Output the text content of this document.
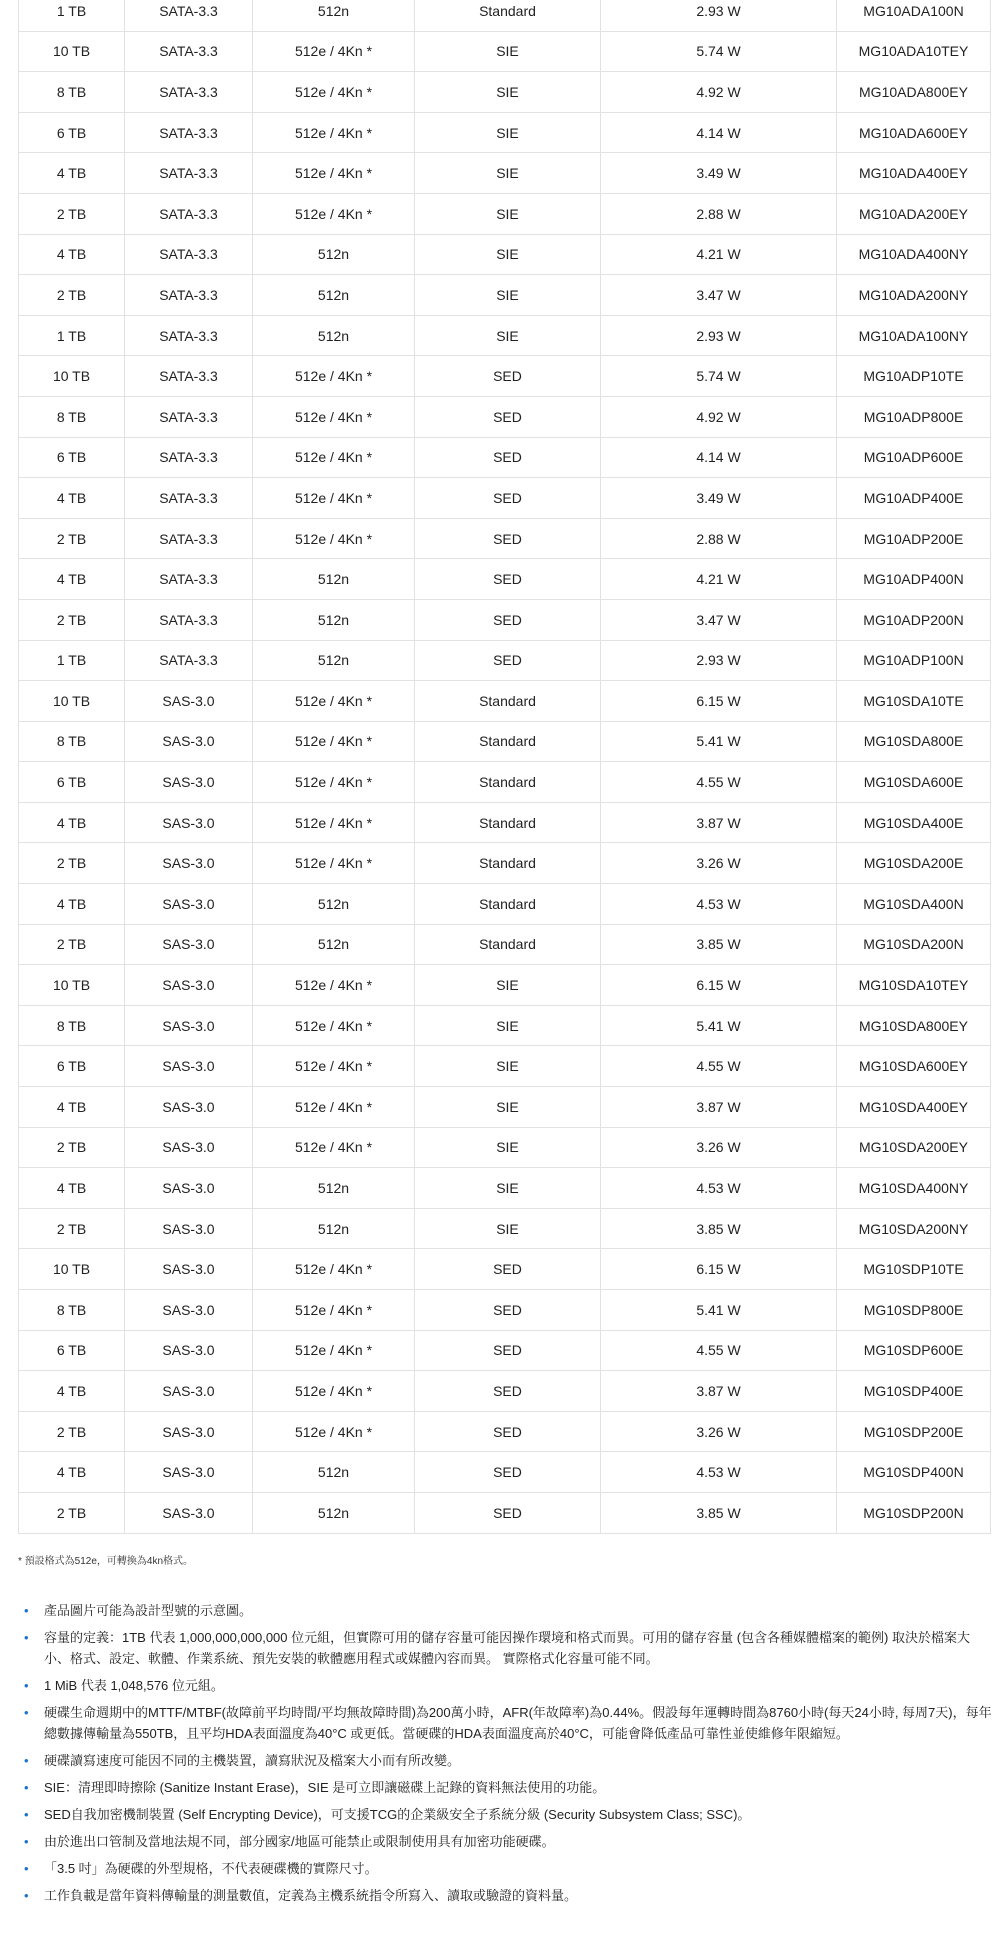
1 TB	SATA-3.3	512n	Standard	2.93 W	MG10ADA100N
10 TB	SATA-3.3	512e / 4Kn *	SIE	5.74 W	MG10ADA10TEY
8 TB	SATA-3.3	512e / 4Kn *	SIE	4.92 W	MG10ADA800EY
6 TB	SATA-3.3	512e / 4Kn *	SIE	4.14 W	MG10ADA600EY
4 TB	SATA-3.3	512e / 4Kn *	SIE	3.49 W	MG10ADA400EY
2 TB	SATA-3.3	512e / 4Kn *	SIE	2.88 W	MG10ADA200EY
4 TB	SATA-3.3	512n	SIE	4.21 W	MG10ADA400NY
2 TB	SATA-3.3	512n	SIE	3.47 W	MG10ADA200NY
1 TB	SATA-3.3	512n	SIE	2.93 W	MG10ADA100NY
10 TB	SATA-3.3	512e / 4Kn *	SED	5.74 W	MG10ADP10TE
8 TB	SATA-3.3	512e / 4Kn *	SED	4.92 W	MG10ADP800E
6 TB	SATA-3.3	512e / 4Kn *	SED	4.14 W	MG10ADP600E
4 TB	SATA-3.3	512e / 4Kn *	SED	3.49 W	MG10ADP400E
2 TB	SATA-3.3	512e / 4Kn *	SED	2.88 W	MG10ADP200E
4 TB	SATA-3.3	512n	SED	4.21 W	MG10ADP400N
2 TB	SATA-3.3	512n	SED	3.47 W	MG10ADP200N
1 TB	SATA-3.3	512n	SED	2.93 W	MG10ADP100N
10 TB	SAS-3.0	512e / 4Kn *	Standard	6.15 W	MG10SDA10TE
8 TB	SAS-3.0	512e / 4Kn *	Standard	5.41 W	MG10SDA800E
6 TB	SAS-3.0	512e / 4Kn *	Standard	4.55 W	MG10SDA600E
4 TB	SAS-3.0	512e / 4Kn *	Standard	3.87 W	MG10SDA400E
2 TB	SAS-3.0	512e / 4Kn *	Standard	3.26 W	MG10SDA200E
4 TB	SAS-3.0	512n	Standard	4.53 W	MG10SDA400N
2 TB	SAS-3.0	512n	Standard	3.85 W	MG10SDA200N
10 TB	SAS-3.0	512e / 4Kn *	SIE	6.15 W	MG10SDA10TEY
8 TB	SAS-3.0	512e / 4Kn *	SIE	5.41 W	MG10SDA800EY
6 TB	SAS-3.0	512e / 4Kn *	SIE	4.55 W	MG10SDA600EY
4 TB	SAS-3.0	512e / 4Kn *	SIE	3.87 W	MG10SDA400EY
2 TB	SAS-3.0	512e / 4Kn *	SIE	3.26 W	MG10SDA200EY
4 TB	SAS-3.0	512n	SIE	4.53 W	MG10SDA400NY
2 TB	SAS-3.0	512n	SIE	3.85 W	MG10SDA200NY
10 TB	SAS-3.0	512e / 4Kn *	SED	6.15 W	MG10SDP10TE
8 TB	SAS-3.0	512e / 4Kn *	SED	5.41 W	MG10SDP800E
6 TB	SAS-3.0	512e / 4Kn *	SED	4.55 W	MG10SDP600E
4 TB	SAS-3.0	512e / 4Kn *	SED	3.87 W	MG10SDP400E
2 TB	SAS-3.0	512e / 4Kn *	SED	3.26 W	MG10SDP200E
4 TB	SAS-3.0	512n	SED	4.53 W	MG10SDP400N
2 TB	SAS-3.0	512n	SED	3.85 W	MG10SDP200N
* 預設格式為512e，可轉換為4kn格式。
• 產品圖片可能為設計型號的示意圖。
• 容量的定義：1TB 代表 1,000,000,000,000 位元組，但實際可用的儲存容量可能因操作環境和格式而異。可用的儲存容量 (包含各種媒體檔案的範例) 取決於檔案大小、格式、設定、軟體、作業系統、預先安裝的軟體應用程式或媒體內容而異。 實際格式化容量可能不同。
• 1 MiB 代表 1,048,576 位元組。
• 硬碟生命週期中的MTTF/MTBF(故障前平均時間/平均無故障時間)為200萬小時，AFR(年故障率)為0.44%。假設每年運轉時間為8760小時(每天24小時, 每周7天)，每年總數據傳輸量為550TB，且平均HDA表面溫度為40°C 或更低。當硬碟的HDA表面溫度高於40°C，可能會降低產品可靠性並使維修年限縮短。
• 硬碟讀寫速度可能因不同的主機裝置，讀寫狀況及檔案大小而有所改變。
• SIE：清理即時擦除 (Sanitize Instant Erase)，SIE 是可立即讓磁碟上記錄的資料無法使用的功能。
• SED自我加密機制裝置 (Self Encrypting Device)，可支援TCG的企業級安全子系統分級 (Security Subsystem Class; SSC)。
• 由於進出口管制及當地法規不同，部分國家/地區可能禁止或限制使用具有加密功能硬碟。
• 「3.5 吋」為硬碟的外型規格，不代表硬碟機的實際尺寸。
• 工作負載是當年資料傳輸量的測量數值，定義為主機系統指令所寫入、讀取或驗證的資料量。
